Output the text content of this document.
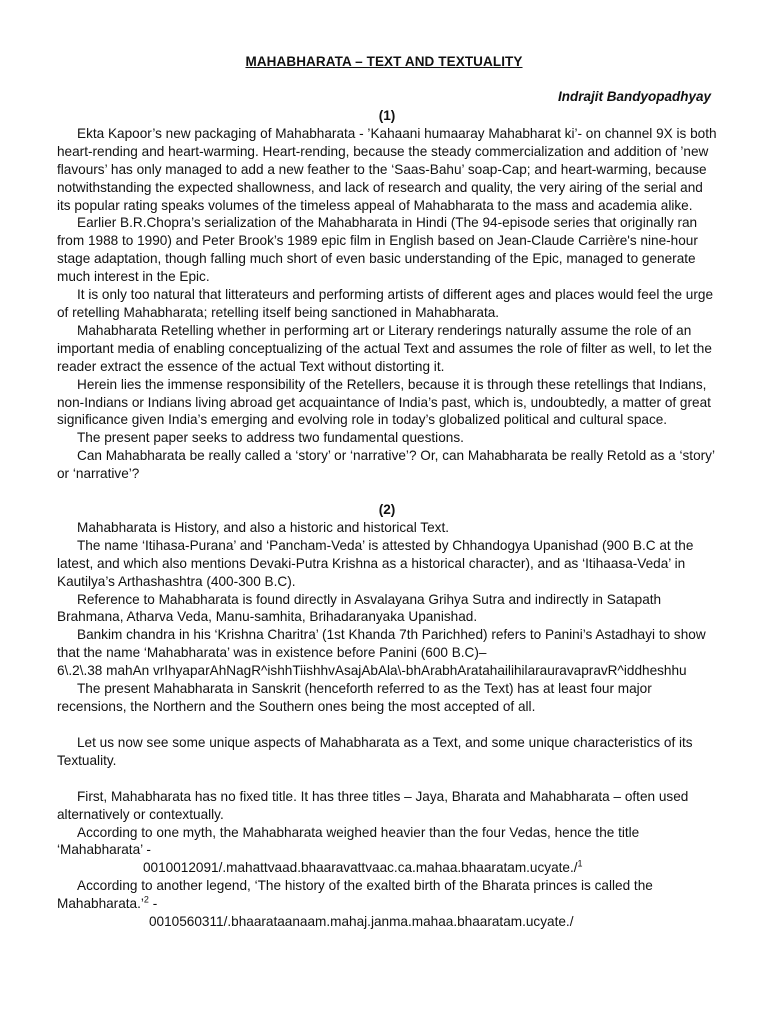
MAHABHARATA – TEXT AND TEXTUALITY
Indrajit Bandyopadhyay
(1)

Ekta Kapoor’s new packaging of Mahabharata - ’Kahaani humaaray Mahabharat ki’- on channel 9X is both heart-rending and heart-warming. Heart-rending, because the steady commercialization and addition of ’new flavours’ has only managed to add a new feather to the ‘Saas-Bahu’ soap-Cap; and heart-warming, because notwithstanding the expected shallowness, and lack of research and quality, the very airing of the serial and its popular rating speaks volumes of the timeless appeal of Mahabharata to the mass and academia alike.

Earlier B.R.Chopra’s serialization of the Mahabharata in Hindi (The 94-episode series that originally ran from 1988 to 1990) and Peter Brook’s 1989 epic film in English based on Jean-Claude Carrière's nine-hour stage adaptation, though falling much short of even basic understanding of the Epic, managed to generate much interest in the Epic.

It is only too natural that litterateurs and performing artists of different ages and places would feel the urge of retelling Mahabharata; retelling itself being sanctioned in Mahabharata.

Mahabharata Retelling whether in performing art or Literary renderings naturally assume the role of an important media of enabling conceptualizing of the actual Text and assumes the role of filter as well, to let the reader extract the essence of the actual Text without distorting it.

Herein lies the immense responsibility of the Retellers, because it is through these retellings that Indians, non-Indians or Indians living abroad get acquaintance of India’s past, which is, undoubtedly, a matter of great significance given India’s emerging and evolving role in today’s globalized political and cultural space.

The present paper seeks to address two fundamental questions.

Can Mahabharata be really called a ‘story’ or ‘narrative’? Or, can Mahabharata be really Retold as a ‘story’ or ‘narrative’?

(2)

Mahabharata is History, and also a historic and historical Text.

The name ‘Itihasa-Purana’ and ‘Pancham-Veda’ is attested by Chhandogya Upanishad (900 B.C at the latest, and which also mentions Devaki-Putra Krishna as a historical character), and as ‘Itihaasa-Veda’ in Kautilya’s Arthashashtra (400-300 B.C).

Reference to Mahabharata is found directly in Asvalayana Grihya Sutra and indirectly in Satapath Brahmana, Atharva Veda, Manu-samhita, Brihadaranyaka Upanishad.

Bankim chandra in his ‘Krishna Charitra’ (1st Khanda 7th Parichhed) refers to Panini’s Astadhayi to show that the name ‘Mahabharata’ was in existence before Panini (600 B.C)–

6\.2\.38 mahAn vrIhyaparAhNagR^ishhTiishhvAsajAbAla\-bhArabhAratahailihilarauravapravR^iddheshhu

The present Mahabharata in Sanskrit (henceforth referred to as the Text) has at least four major recensions, the Northern and the Southern ones being the most accepted of all.

Let us now see some unique aspects of Mahabharata as a Text, and some unique characteristics of its Textuality.

First, Mahabharata has no fixed title. It has three titles – Jaya, Bharata and Mahabharata – often used alternatively or contextually.

According to one myth, the Mahabharata weighed heavier than the four Vedas, hence the title ‘Mahabharata’ -

0010012091/.mahattvaad.bhaaravattvaac.ca.mahaa.bhaaratam.ucyate./$^1$

According to another legend, ‘The history of the exalted birth of the Bharata princes is called the Mahabharata.’$^2$ -

0010560311/.bhaarataanaam.mahaj.janma.mahaa.bhaaratam.ucyate./
